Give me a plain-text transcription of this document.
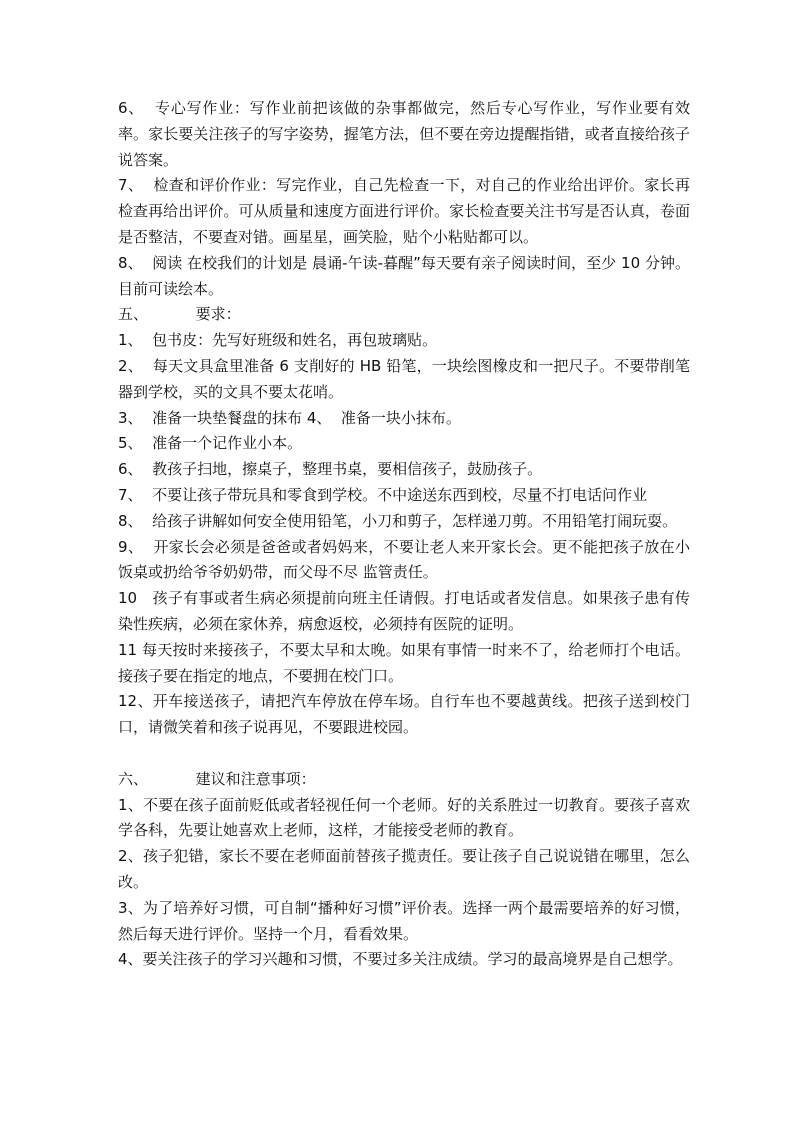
6、  专心写作业：写作业前把该做的杂事都做完，然后专心写作业，写作业要有效率。家长要关注孩子的写字姿势，握笔方法，但不要在旁边提醒指错，或者直接给孩子说答案。

7、  检查和评价作业：写完作业，自己先检查一下，对自己的作业给出评价。家长再检查再给出评价。可从质量和速度方面进行评价。家长检查要关注书写是否认真，卷面是否整洁，不要查对错。画星星，画笑脸，贴个小粘贴都可以。

8、  阅读 在校我们的计划是 晨诵-午读-暮醒”每天要有亲子阅读时间，至少 10 分钟。目前可读绘本。

五、          要求：

1、  包书皮：先写好班级和姓名，再包玻璃贴。

2、  每天文具盒里准备 6 支削好的 HB 铅笔，一块绘图橡皮和一把尺子。不要带削笔器到学校，买的文具不要太花哨。

3、  准备一块垫餐盘的抹布 4、  准备一块小抹布。

5、  准备一个记作业小本。

6、  教孩子扫地，擦桌子，整理书桌，要相信孩子，鼓励孩子。

7、  不要让孩子带玩具和零食到学校。不中途送东西到校，尽量不打电话问作业

8、  给孩子讲解如何安全使用铅笔，小刀和剪子，怎样递刀剪。不用铅笔打闹玩耍。

9、  开家长会必须是爸爸或者妈妈来，不要让老人来开家长会。更不能把孩子放在小饭桌或扔给爷爷奶奶带，而父母不尽 监管责任。

10   孩子有事或者生病必须提前向班主任请假。打电话或者发信息。如果孩子患有传染性疾病，必须在家休养，病愈返校，必须持有医院的证明。

11 每天按时来接孩子，不要太早和太晚。如果有事情一时来不了，给老师打个电话。接孩子要在指定的地点，不要拥在校门口。

12、开车接送孩子，请把汽车停放在停车场。自行车也不要越黄线。把孩子送到校门口，请微笑着和孩子说再见，不要跟进校园。

六、          建议和注意事项：

1、不要在孩子面前贬低或者轻视任何一个老师。好的关系胜过一切教育。要孩子喜欢学各科，先要让她喜欢上老师，这样，才能接受老师的教育。

2、孩子犯错，家长不要在老师面前替孩子揽责任。要让孩子自己说说错在哪里，怎么改。

3、为了培养好习惯，可自制“播种好习惯”评价表。选择一两个最需要培养的好习惯，然后每天进行评价。坚持一个月，看看效果。

4、要关注孩子的学习兴趣和习惯，不要过多关注成绩。学习的最高境界是自己想学。
